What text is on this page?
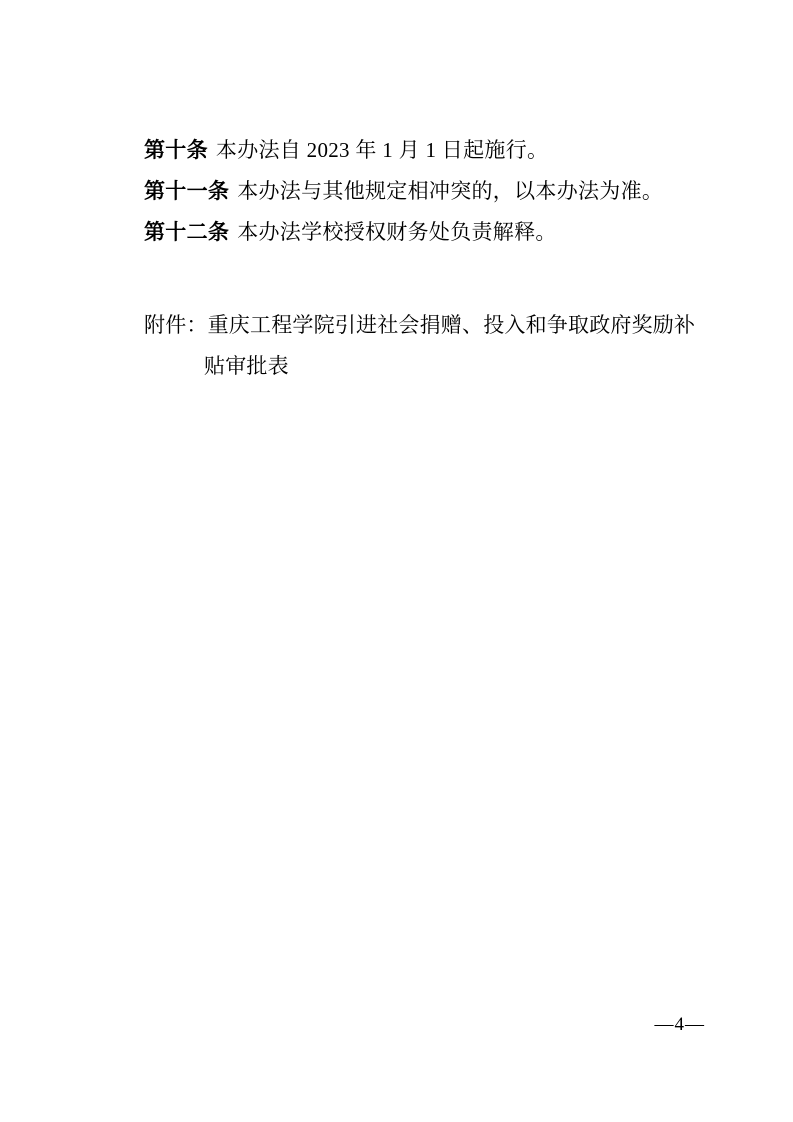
第十条 本办法自 2023 年 1 月 1 日起施行。
第十一条 本办法与其他规定相冲突的，以本办法为准。
第十二条 本办法学校授权财务处负责解释。
附件：重庆工程学院引进社会捐赠、投入和争取政府奖励补
贴审批表
—4—
